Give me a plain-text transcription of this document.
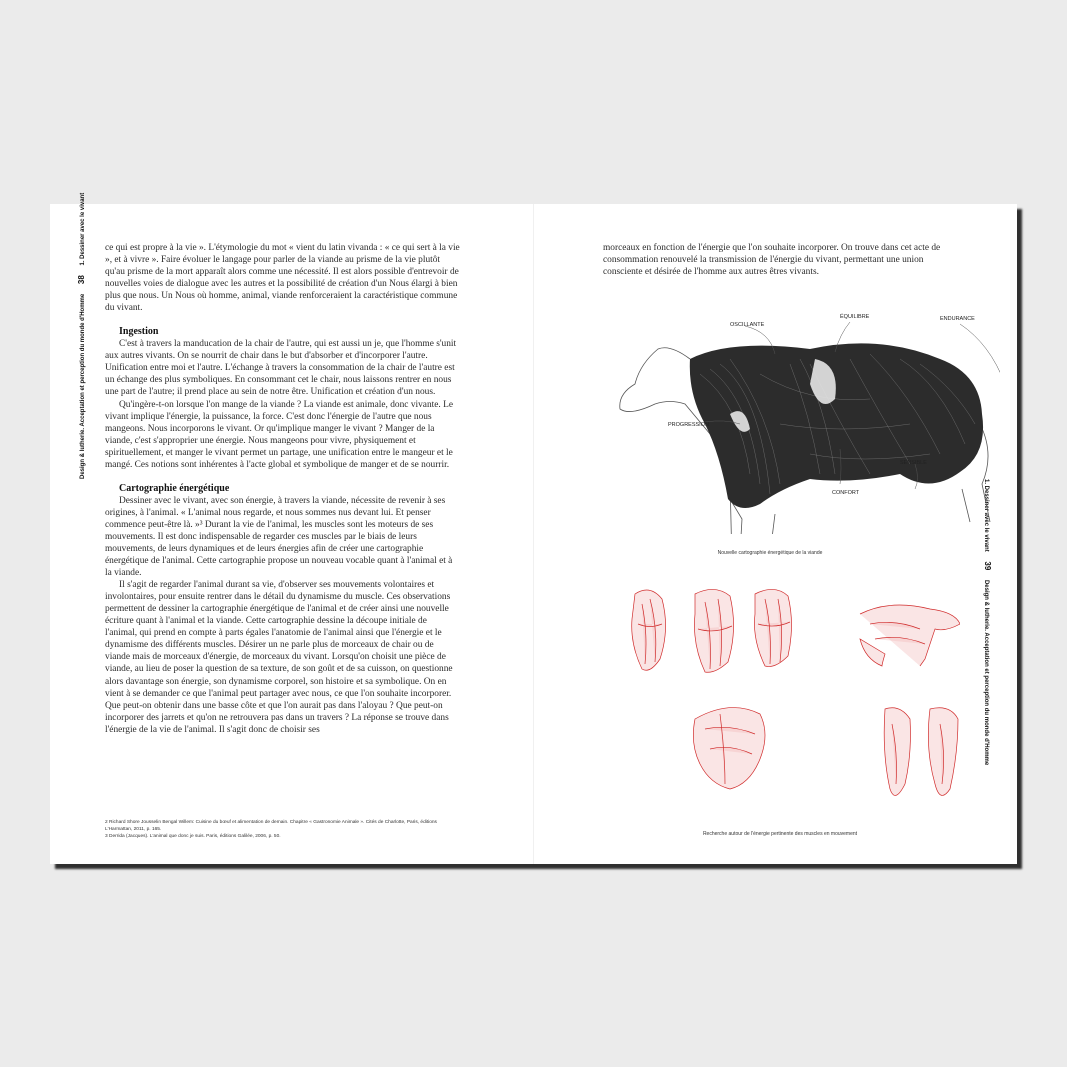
Design & lutherie. Acceptation et perception du monde d'Homme 38 1. Dessiner avec le vivant ce qui est propre à la vie ». L'étymologie du mot « vient du latin vivanda : « ce qui sert à la vie », et à vivre ». Faire évoluer le langage pour parler de la viande au prisme de la vie plutôt qu'au prisme de la mort apparaît alors comme une nécessité. Il est alors possible d'entrevoir de nouvelles voies de dialogue avec les autres et la possibilité de création d'un Nous élargi à bien plus que nous. Un Nous où homme, animal, viande renforceraient la caractéristique commune du vivant.

Ingestion

C'est à travers la manducation de la chair de l'autre, qui est aussi un je, que l'homme s'unit aux autres vivants. On se nourrit de chair dans le but d'absorber et d'incorporer l'autre. Unification entre moi et l'autre. L'échange à travers la consommation de la chair de l'autre est un échange des plus symboliques. En consommant cet le chair, nous laissons rentrer en nous une part de l'autre; il prend place au sein de notre être. Unification et création d'un nous.

Qu'ingère-t-on lorsque l'on mange de la viande ? La viande est animale, donc vivante. Le vivant implique l'énergie, la puissance, la force. C'est donc l'énergie de l'autre que nous mangeons. Nous incorporons le vivant. Or qu'implique manger le vivant ? Manger de la viande, c'est s'approprier une énergie. Nous mangeons pour vivre, physiquement et spirituellement, et manger le vivant permet un partage, une unification entre le mangeur et le mangé. Ces notions sont inhérentes à l'acte global et symbolique de manger et de se nourrir.

Cartographie énergétique

Dessiner avec le vivant, avec son énergie, à travers la viande, nécessite de revenir à ses origines, à l'animal. « L'animal nous regarde, et nous sommes nus devant lui. Et penser commence peut-être là. »³ Durant la vie de l'animal, les muscles sont les moteurs de ses mouvements. Il est donc indispensable de regarder ces muscles par le biais de leurs mouvements, de leurs dynamiques et de leurs énergies afin de créer une cartographie énergétique de l'animal. Cette cartographie propose un nouveau vocable quant à l'animal et à la viande.

Il s'agit de regarder l'animal durant sa vie, d'observer ses mouvements volontaires et involontaires, pour ensuite rentrer dans le détail du dynamisme du muscle. Ces observations permettent de dessiner la cartographie énergétique de l'animal et de créer ainsi une nouvelle écriture quant à l'animal et la viande. Cette cartographie dessine la découpe initiale de l'animal, qui prend en compte à parts égales l'anatomie de l'animal ainsi que l'énergie et le dynamisme des différents muscles. Désirer un ne parle plus de morceaux de chair ou de viande mais de morceaux d'énergie, de morceaux du vivant. Lorsqu'on choisit une pièce de viande, au lieu de poser la question de sa texture, de son goût et de sa cuisson, on questionne alors davantage son énergie, son dynamisme corporel, son histoire et sa symbolique. On en vient à se demander ce que l'animal peut partager avec nous, ce que l'on souhaite incorporer. Que peut-on obtenir dans une basse côte et que l'on aurait pas dans l'aloyau ? Que peut-on incorporer des jarrets et qu'on ne retrouvera pas dans un travers ? La réponse se trouve dans l'énergie de la vie de l'animal. Il s'agit donc de choisir ses

2 Richard Shore Jousselin Bengal Willem: Cuisine du bœuf et alimentation de demain. Chapitre « Gastronomie Animale ». Cités de Charlotte, Paris, éditions L'Harmattan, 2011, p. 165.

3 Derrida (Jacques). L'animal que donc je suis. Paris, éditions Galilée, 2006, p. 50.

1. Dessiner avec le vivant 39 Design & lutherie. Acceptation et perception du monde d'Homme

morceaux en fonction de l'énergie que l'on souhaite incorporer. On trouve dans cet acte de consommation renouvelé la transmission de l'énergie du vivant, permettant une union consciente et désirée de l'homme aux autres êtres vivants.

OSCILLANTE
ÉQUILIBRE	ENDURANCE
PROGRESSION
CONFORT
SENSIBLE
Nouvelle cartographie énergétique de la viande
Recherche autour de l'énergie pertinente des muscles en mouvement
